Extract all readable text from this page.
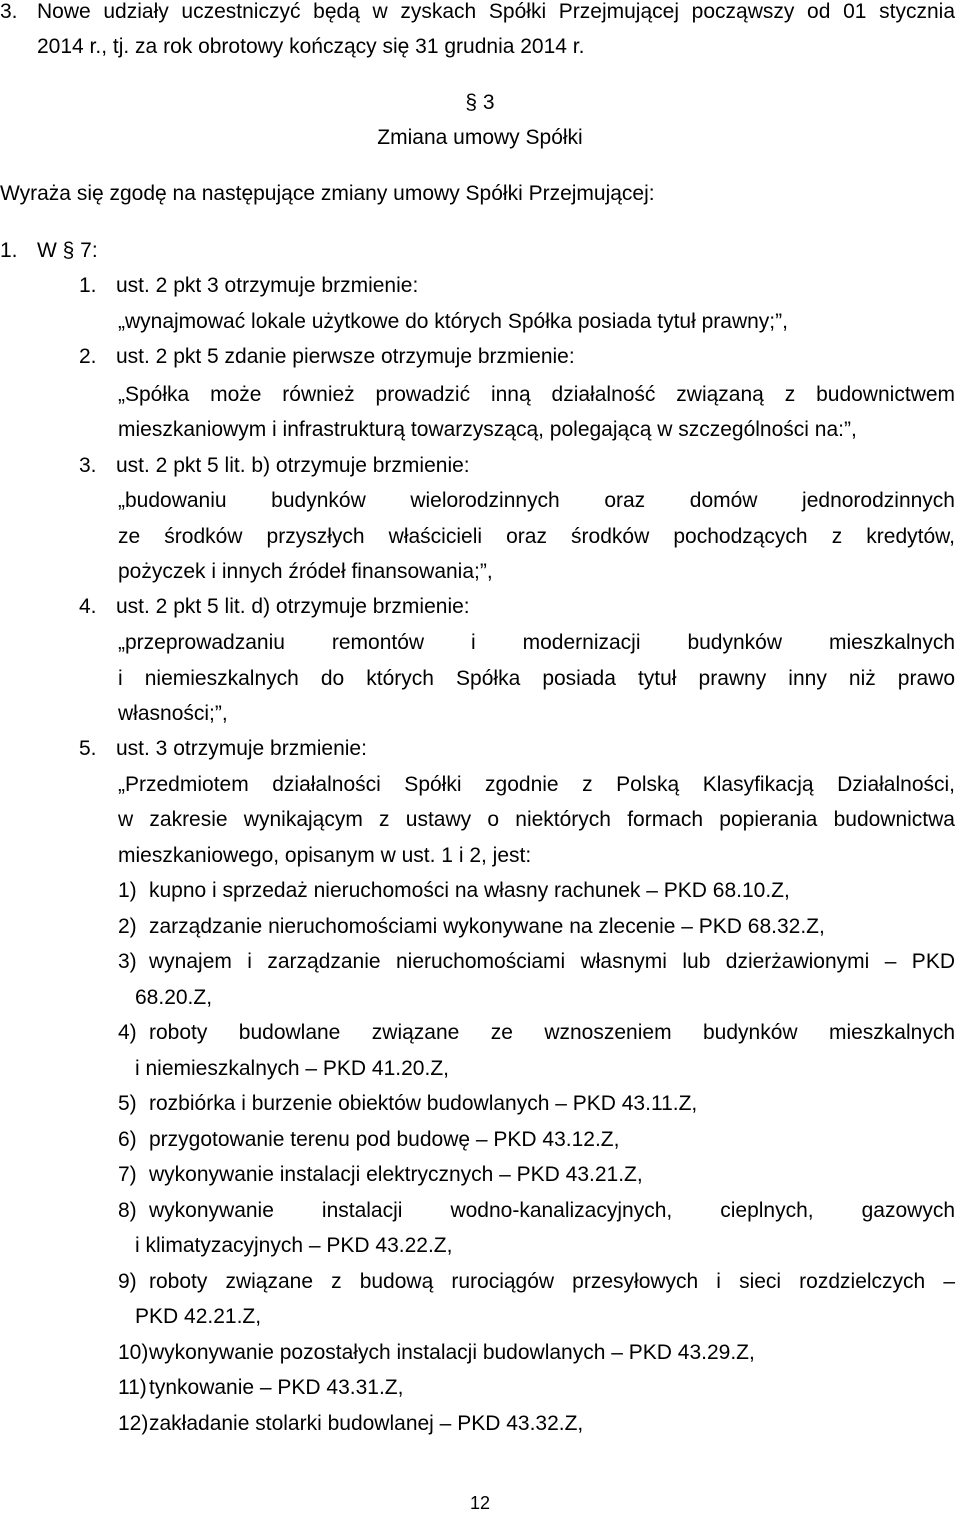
3. Nowe udziały uczestniczyć będą w zyskach Spółki Przejmującej począwszy od 01 stycznia
2014 r., tj. za rok obrotowy kończący się 31 grudnia 2014 r.
§ 3
Zmiana umowy Spółki
Wyraża się zgodę na następujące zmiany umowy Spółki Przejmującej:
1. W § 7:
1. ust. 2 pkt 3 otrzymuje brzmienie:
„wynajmować lokale użytkowe do których Spółka posiada tytuł prawny;”,
2. ust. 2 pkt 5 zdanie pierwsze otrzymuje brzmienie:
„Spółka może również prowadzić inną działalność związaną z budownictwem
mieszkaniowym i infrastrukturą towarzyszącą, polegającą w szczególności na:”,
3. ust. 2 pkt 5 lit. b) otrzymuje brzmienie:
„budowaniu budynków wielorodzinnych oraz domów jednorodzinnych
ze środków przyszłych właścicieli oraz środków pochodzących z kredytów,
pożyczek i innych źródeł finansowania;”,
4. ust. 2 pkt 5 lit. d) otrzymuje brzmienie:
„przeprowadzaniu remontów i modernizacji budynków mieszkalnych
i niemieszkalnych do których Spółka posiada tytuł prawny inny niż prawo
własności;”,
5. ust. 3 otrzymuje brzmienie:
„Przedmiotem działalności Spółki zgodnie z Polską Klasyfikacją Działalności,
w zakresie wynikającym z ustawy o niektórych formach popierania budownictwa
mieszkaniowego, opisanym w ust. 1 i 2, jest:
1) kupno i sprzedaż nieruchomości na własny rachunek – PKD 68.10.Z,
2) zarządzanie nieruchomościami wykonywane na zlecenie – PKD 68.32.Z,
3) wynajem i zarządzanie nieruchomościami własnymi lub dzierżawionymi – PKD
68.20.Z,
4) roboty budowlane związane ze wznoszeniem budynków mieszkalnych
i niemieszkalnych – PKD 41.20.Z,
5) rozbiórka i burzenie obiektów budowlanych – PKD 43.11.Z,
6) przygotowanie terenu pod budowę – PKD 43.12.Z,
7) wykonywanie instalacji elektrycznych – PKD 43.21.Z,
8) wykonywanie instalacji wodno-kanalizacyjnych, cieplnych, gazowych
i klimatyzacyjnych – PKD 43.22.Z,
9) roboty związane z budową rurociągów przesyłowych i sieci rozdzielczych –
PKD 42.21.Z,
10) wykonywanie pozostałych instalacji budowlanych – PKD 43.29.Z,
11) tynkowanie – PKD 43.31.Z,
12) zakładanie stolarki budowlanej – PKD 43.32.Z,
12
